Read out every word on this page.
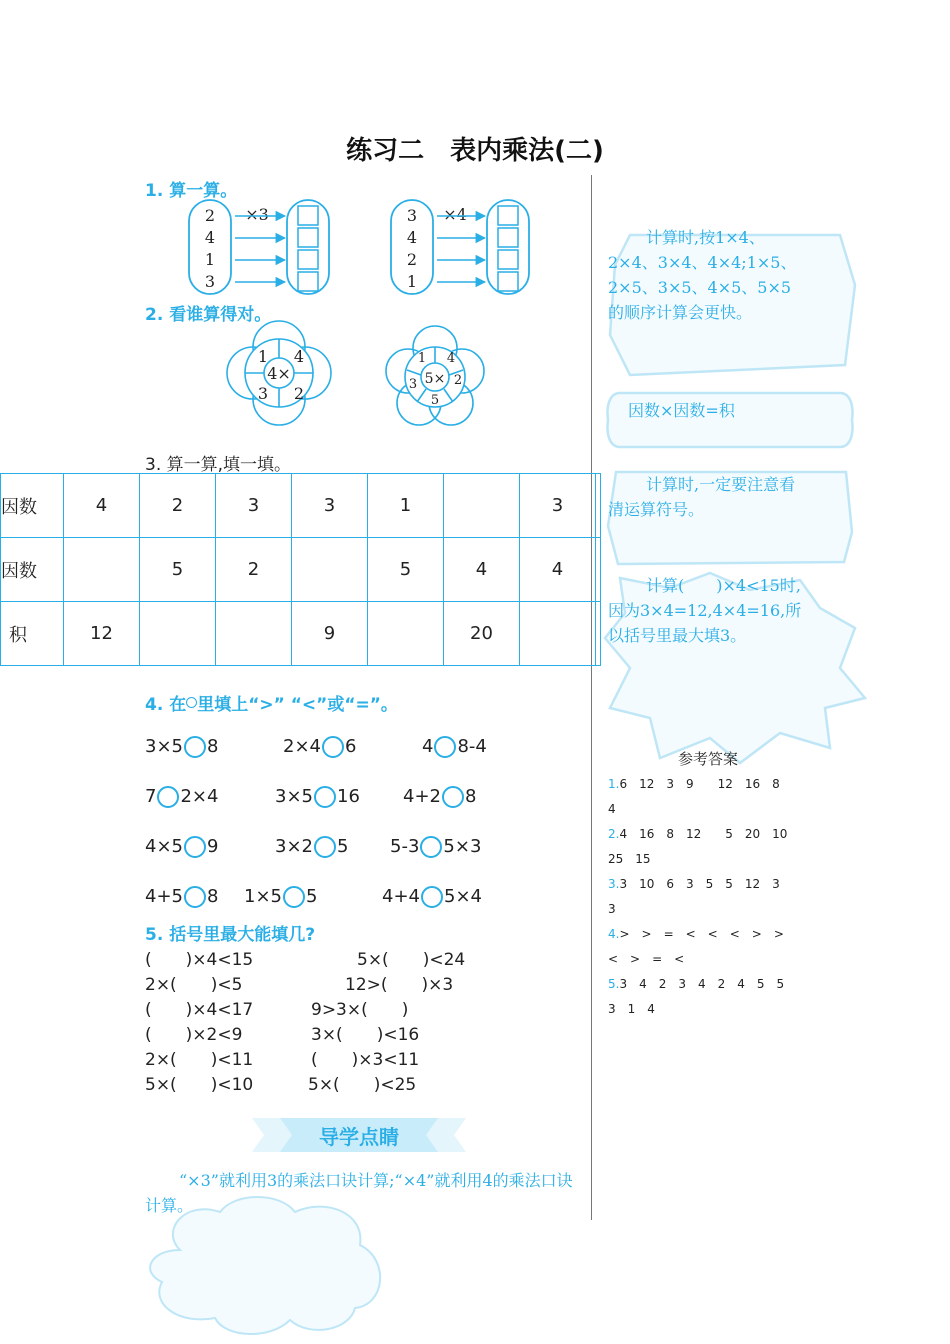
练习二　表内乘法(二)
1. 算一算。
2
4
1
3
×3	3
4
2
1
×4
2. 看谁算得对。
4×
1 4
3 2
5×
1 4
3	2
5
3. 算一算,填一填。
因数	4	2	3	3	1		3	
因数		5	2		5	4	4	
积	12			9		20		
4. 在 里填上“>” “<”或“=”。
3×5 8	2×4 6	4 8-4
7 2×4	3×5 16 4+2 8
4×5 9	3×2 5 5-3 5×3
4+5 8 1×5 5	4+4 5×4
5. 括号里最大能填几?
(　　)×4<15	5×(　　)<24
2×(　　)<5	12>(　　)×3
(　　)×4<17	9>3×(　　)
(　　)×2<9	3×(　　)<16
2×(　　)<11	(　　)×3<11
5×(　　)<10	5×(　　)<25
导学点睛
“×3”就利用3的乘法口诀计算;“×4”就利用4的乘法口诀计算。
计算时,按1×4、2×4、3×4、4×4;1×5、2×5、3×5、4×5、5×5的顺序计算会更快。
因数×因数=积
计算时,一定要注意看清运算符号。
计算(　　)×4<15时,因为3×4=12,4×4=16,所以括号里最大填3。
参考答案
1.6　12　3　9　　12　16　8
4
2.4　16　8　12　　5　20　10
25　15
3.3　10　6　3　5　5　12　3
3
4.>　>　=　<　<　<　>　>
<　>　=　<
5.3　4　2　3　4　2　4　5　5
3　1　4
